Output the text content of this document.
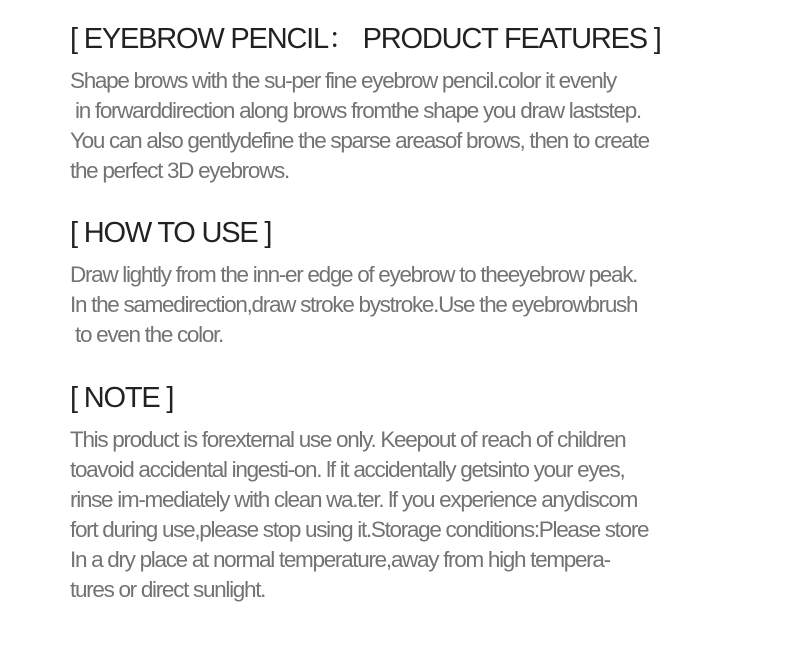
[ EYEBROW PENCIL： PRODUCT FEATURES ]

Shape brows with the su-per fine eyebrow pencil.color it evenly

in forwarddirection along brows fromthe shape you draw laststep.

You can also gentlydefine the sparse areasof brows, then to create

the perfect 3D eyebrows.

[ HOW TO USE ]

Draw lightly from the inn-er edge of eyebrow to theeyebrow peak.

In the samedirection,draw stroke bystroke.Use the eyebrowbrush

to even the color.

[ NOTE ]

This product is forexternal use only. Keepout of reach of children

toavoid accidental ingesti-on. lf it accidentally getsinto your eyes,

rinse im-mediately with clean wa.ter. lf you experience anydiscom

fort during use,please stop using it.Storage conditions:Please store

In a dry place at normal temperature,away from high tempera-

tures or direct sunlight.
